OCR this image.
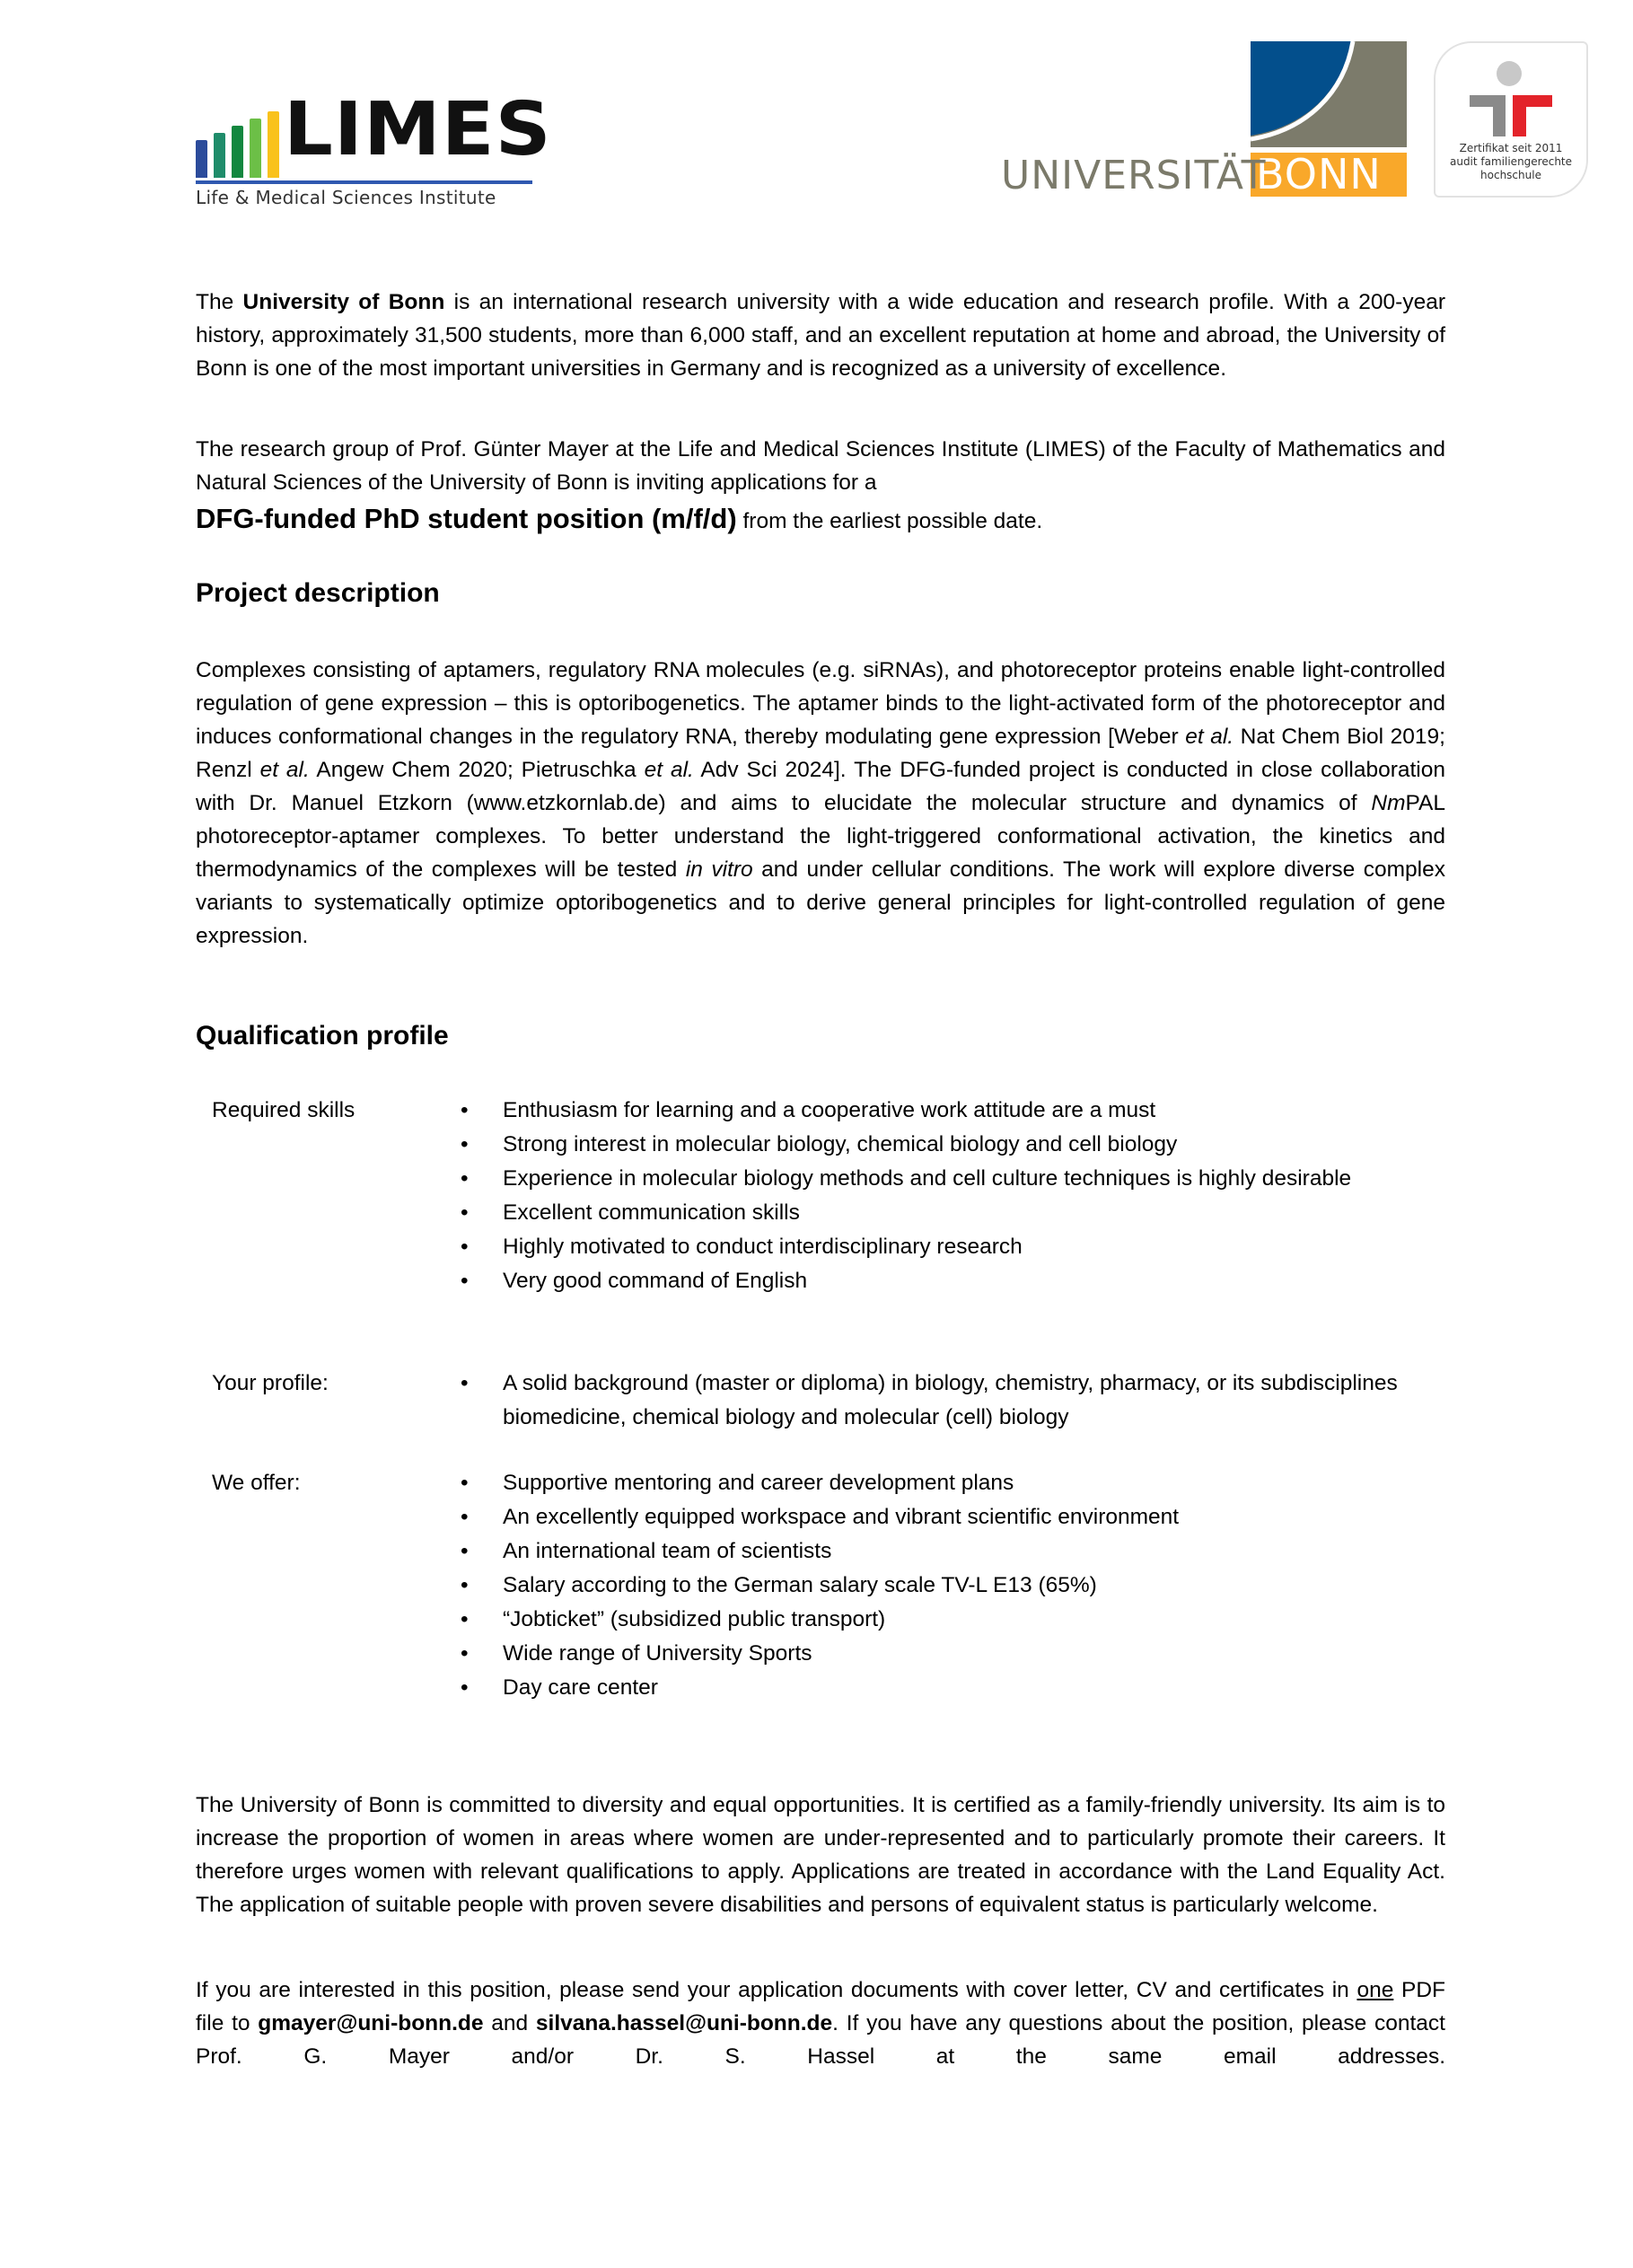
LIMES
Life & Medical Sciences Institute	BONN
UNIVERSITÄT
Zertifikat seit 2011
audit familiengerechte
hochschule
The University of Bonn is an international research university with a wide education and research profile. With a 200-year history, approximately 31,500 students, more than 6,000 staff, and an excellent reputation at home and abroad, the University of Bonn is one of the most important universities in Germany and is recognized as a university of excellence.
The research group of Prof. Günter Mayer at the Life and Medical Sciences Institute (LIMES) of the Faculty of Mathematics and Natural Sciences of the University of Bonn is inviting applications for a
DFG-funded PhD student position (m/f/d) from the earliest possible date.
Project description
Complexes consisting of aptamers, regulatory RNA molecules (e.g. siRNAs), and photoreceptor proteins enable light-controlled regulation of gene expression – this is optoribogenetics. The aptamer binds to the light-activated form of the photoreceptor and induces conformational changes in the regulatory RNA, thereby modulating gene expression [Weber et al. Nat Chem Biol 2019; Renzl et al. Angew Chem 2020; Pietruschka et al. Adv Sci 2024]. The DFG-funded project is conducted in close collaboration with Dr. Manuel Etzkorn (www.etzkornlab.de) and aims to elucidate the molecular structure and dynamics of NmPAL photoreceptor-aptamer complexes. To better understand the light-triggered conformational activation, the kinetics and thermodynamics of the complexes will be tested in vitro and under cellular conditions. The work will explore diverse complex variants to systematically optimize optoribogenetics and to derive general principles for light-controlled regulation of gene expression.
Qualification profile
Required skills	• Enthusiasm for learning and a cooperative work attitude are a must
• Strong interest in molecular biology, chemical biology and cell biology
• Experience in molecular biology methods and cell culture techniques is highly desirable
• Excellent communication skills
• Highly motivated to conduct interdisciplinary research
• Very good command of English
Your profile:	• A solid background (master or diploma) in biology, chemistry, pharmacy, or its subdisciplines biomedicine, chemical biology and molecular (cell) biology
We offer:	• Supportive mentoring and career development plans
• An excellently equipped workspace and vibrant scientific environment
• An international team of scientists
• Salary according to the German salary scale TV-L E13 (65%)
• “Jobticket” (subsidized public transport)
• Wide range of University Sports
• Day care center
The University of Bonn is committed to diversity and equal opportunities. It is certified as a family-friendly university. Its aim is to increase the proportion of women in areas where women are under-represented and to particularly promote their careers. It therefore urges women with relevant qualifications to apply. Applications are treated in accordance with the Land Equality Act. The application of suitable people with proven severe disabilities and persons of equivalent status is particularly welcome.
If you are interested in this position, please send your application documents with cover letter, CV and certificates in one PDF file to gmayer@uni-bonn.de and silvana.hassel@uni-bonn.de. If you have any questions about the position, please contact Prof. G. Mayer and/or Dr. S. Hassel at the same email addresses.
